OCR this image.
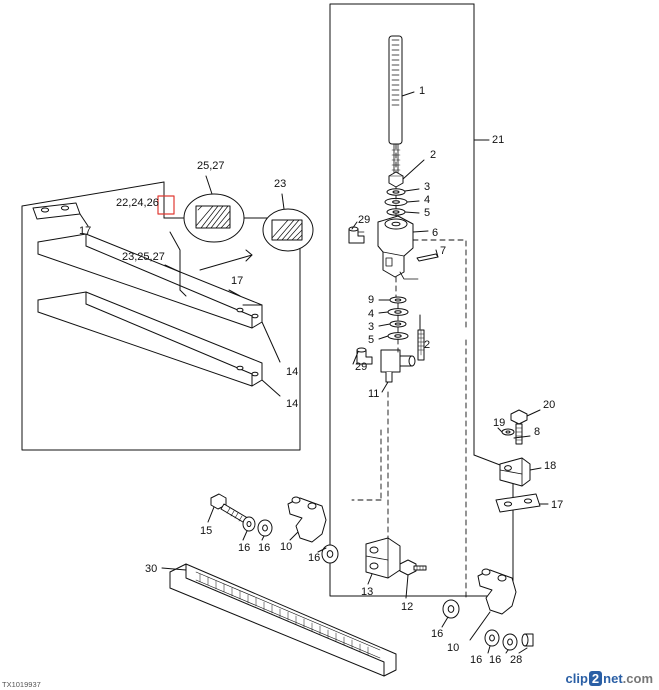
1
2
3
4
5
6
7
21
29
9
4
3
5	2
29
11
25,27
22,24,26
23
23,25,27
17
17
14
14	20
19
8
18
17
15
16 16 10
16
30
13
12
16
10
16 16 28
TX1019937	clip 2 net.com
